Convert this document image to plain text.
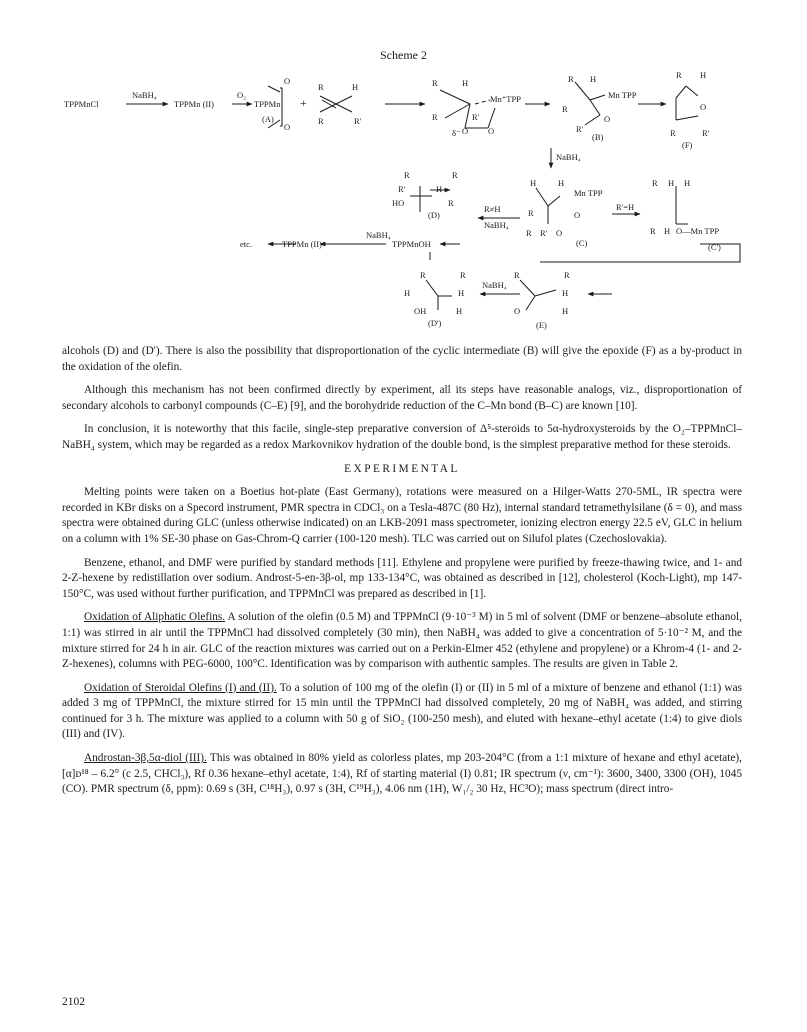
Scheme 2
TPPMnCl
NaBH₄
TPPMn (II)
O₂
TPPMn
(A)
O
O
+
R	H
R	R'
R	H
R	R'
Mn⁺TPP
δ⁻ O O
R H
Mn TPP
R
R'
O
(B)
R H
O
R	R'
(F)
NaBH₄
R	R
R'	H
HO	R
(D)
R≠H
NaBH₄
H	H
Mn TPP
R	O
R R' O
(C)
R'=H
R H H
R H O—Mn TPP
(C')
NaBH₄
etc.	TPPMn (II)	TPPMnOH
R	R
H	H
OH	H
(D')
NaBH₄
R	R
H
O	H
(E)

alcohols (D) and (D'). There is also the possibility that disproportionation of the cyclic intermediate (B) will give the epoxide (F) as a by-product in the oxidation of the olefin.

Although this mechanism has not been confirmed directly by experiment, all its steps have reasonable analogs, viz., disproportionation of secondary alcohols to carbonyl compounds (C–E) [9], and the borohydride reduction of the C–Mn bond (B–C) are known [10].

In conclusion, it is noteworthy that this facile, single-step preparative conversion of Δ⁵-steroids to 5α-hydroxysteroids by the O₂–TPPMnCl–NaBH₄ system, which may be regarded as a redox Markovnikov hydration of the double bond, is the simplest preparative method for these steroids.

EXPERIMENTAL

Melting points were taken on a Boetius hot-plate (East Germany), rotations were measured on a Hilger-Watts 270-5ML, IR spectra were recorded in KBr disks on a Specord instrument, PMR spectra in CDCl₃ on a Tesla-487C (80 Hz), internal standard tetramethylsilane (δ = 0), and mass spectra were obtained during GLC (unless otherwise indicated) on an LKB-2091 mass spectrometer, ionizing electron energy 22.5 eV, GLC in helium on a column with 1% SE-30 phase on Gas-Chrom-Q carrier (100-120 mesh). TLC was carried out on Silufol plates (Czechoslovakia).

Benzene, ethanol, and DMF were purified by standard methods [11]. Ethylene and propylene were purified by freeze-thawing twice, and 1- and 2-Z-hexene by redistillation over sodium. Androst-5-en-3β-ol, mp 133-134°C, was obtained as described in [12], cholesterol (Koch-Light), mp 147-150°C, was used without further purification, and TPPMnCl was prepared as described in [1].

Oxidation of Aliphatic Olefins. A solution of the olefin (0.5 M) and TPPMnCl (9·10⁻³ M) in 5 ml of solvent (DMF or benzene–absolute ethanol, 1:1) was stirred in air until the TPPMnCl had dissolved completely (30 min), then NaBH₄ was added to give a concentration of 5·10⁻² M, and the mixture stirred for 24 h in air. GLC of the reaction mixtures was carried out on a Perkin-Elmer 452 (ethylene and propylene) or a Khrom-4 (1- and 2-Z-hexenes), columns with PEG-6000, 100°C. Identification was by comparison with authentic samples. The results are given in Table 2.

Oxidation of Steroidal Olefins (I) and (II). To a solution of 100 mg of the olefin (I) or (II) in 5 ml of a mixture of benzene and ethanol (1:1) was added 3 mg of TPPMnCl, the mixture stirred for 15 min until the TPPMnCl had dissolved completely, 20 mg of NaBH₄ was added, and stirring continued for 3 h. The mixture was applied to a column with 50 g of SiO₂ (100-250 mesh), and eluted with hexane–ethyl acetate (1:4) to give diols (III) and (IV).

Androstan-3β,5α-diol (III). This was obtained in 80% yield as colorless plates, mp 203-204°C (from a 1:1 mixture of hexane and ethyl acetate), [α]ᴅ¹⁸ – 6.2° (c 2.5, CHCl₃), Rf 0.36 hexane–ethyl acetate, 1:4), Rf of starting material (I) 0.81; IR spectrum (ν, cm⁻¹): 3600, 3400, 3300 (OH), 1045 (CO). PMR spectrum (δ, ppm): 0.69 s (3H, C¹⁸H₃), 0.97 s (3H, C¹⁹H₃), 4.06 nm (1H), W₁/₂ 30 Hz, HC³O); mass spectrum (direct intro-

2102
